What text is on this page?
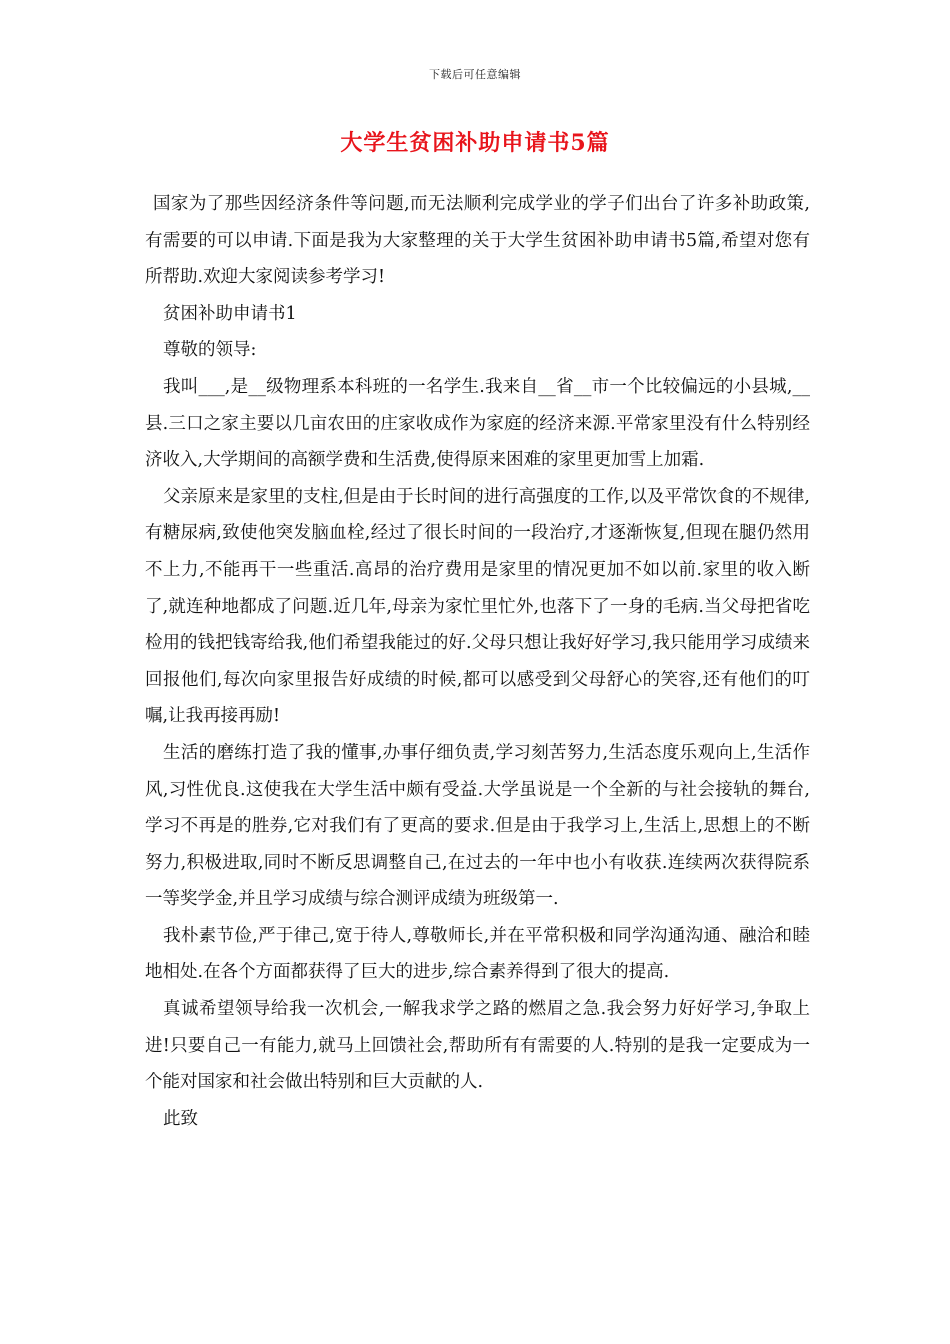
下载后可任意编辑
大学生贫困补助申请书5篇

国家为了那些因经济条件等问题,而无法顺利完成学业的学子们出台了许多补助政策,有需要的可以申请.下面是我为大家整理的关于大学生贫困补助申请书5篇,希望对您有所帮助.欢迎大家阅读参考学习!

贫困补助申请书1

尊敬的领导:

我叫___,是__级物理系本科班的一名学生.我来自__省__市一个比较偏远的小县城,__县.三口之家主要以几亩农田的庄家收成作为家庭的经济来源.平常家里没有什么特别经济收入,大学期间的高额学费和生活费,使得原来困难的家里更加雪上加霜.

父亲原来是家里的支柱,但是由于长时间的进行高强度的工作,以及平常饮食的不规律,有糖尿病,致使他突发脑血栓,经过了很长时间的一段治疗,才逐渐恢复,但现在腿仍然用不上力,不能再干一些重活.高昂的治疗费用是家里的情况更加不如以前.家里的收入断了,就连种地都成了问题.近几年,母亲为家忙里忙外,也落下了一身的毛病.当父母把省吃检用的钱把钱寄给我,他们希望我能过的好.父母只想让我好好学习,我只能用学习成绩来回报他们,每次向家里报告好成绩的时候,都可以感受到父母舒心的笑容,还有他们的叮嘱,让我再接再励!

生活的磨练打造了我的懂事,办事仔细负责,学习刻苦努力,生活态度乐观向上,生活作风,习性优良.这使我在大学生活中颇有受益.大学虽说是一个全新的与社会接轨的舞台,学习不再是的胜券,它对我们有了更高的要求.但是由于我学习上,生活上,思想上的不断努力,积极进取,同时不断反思调整自己,在过去的一年中也小有收获.连续两次获得院系一等奖学金,并且学习成绩与综合测评成绩为班级第一.

我朴素节俭,严于律己,宽于待人,尊敬师长,并在平常积极和同学沟通沟通、融洽和睦地相处.在各个方面都获得了巨大的进步,综合素养得到了很大的提高.

真诚希望领导给我一次机会,一解我求学之路的燃眉之急.我会努力好好学习,争取上进!只要自己一有能力,就马上回馈社会,帮助所有有需要的人.特别的是我一定要成为一个能对国家和社会做出特别和巨大贡献的人.

此致
